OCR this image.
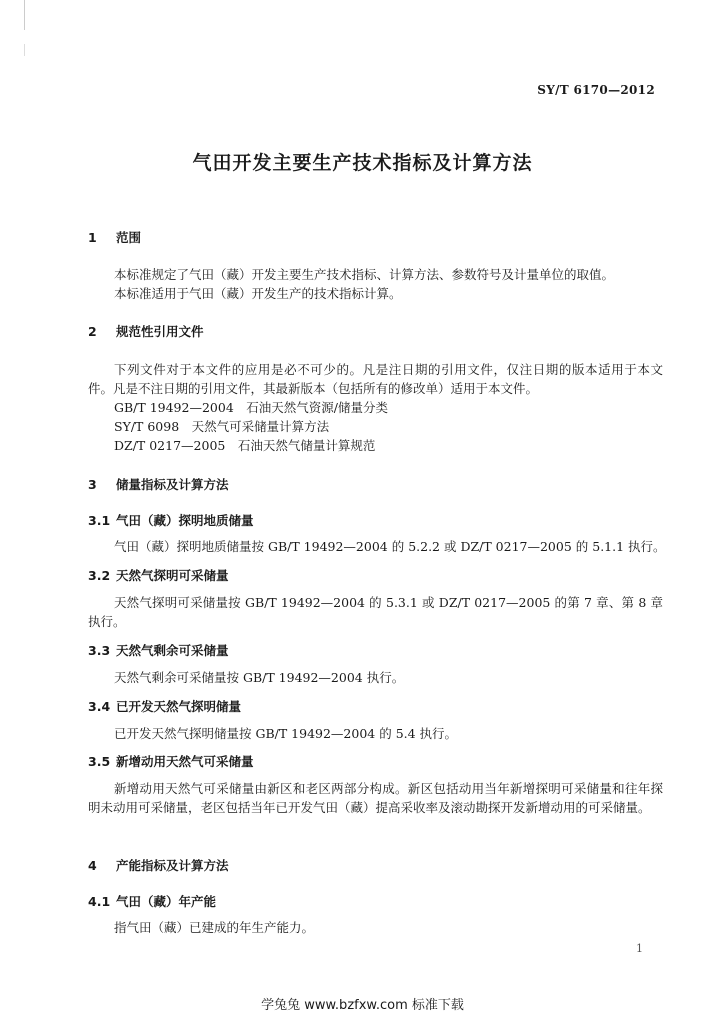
SY/T 6170—2012
气田开发主要生产技术指标及计算方法
1 范围
本标准规定了气田（藏）开发主要生产技术指标、计算方法、参数符号及计量单位的取值。
本标准适用于气田（藏）开发生产的技术指标计算。
2 规范性引用文件
下列文件对于本文件的应用是必不可少的。凡是注日期的引用文件，仅注日期的版本适用于本文件。凡是不注日期的引用文件，其最新版本（包括所有的修改单）适用于本文件。
GB/T 19492—2004　石油天然气资源/储量分类
SY/T 6098　天然气可采储量计算方法
DZ/T 0217—2005　石油天然气储量计算规范
3 储量指标及计算方法
3.1 气田（藏）探明地质储量
气田（藏）探明地质储量按 GB/T 19492—2004 的 5.2.2 或 DZ/T 0217—2005 的 5.1.1 执行。
3.2 天然气探明可采储量
天然气探明可采储量按 GB/T 19492—2004 的 5.3.1 或 DZ/T 0217—2005 的第 7 章、第 8 章执行。
3.3 天然气剩余可采储量
天然气剩余可采储量按 GB/T 19492—2004 执行。
3.4 已开发天然气探明储量
已开发天然气探明储量按 GB/T 19492—2004 的 5.4 执行。
3.5 新增动用天然气可采储量
新增动用天然气可采储量由新区和老区两部分构成。新区包括动用当年新增探明可采储量和往年探明未动用可采储量，老区包括当年已开发气田（藏）提高采收率及滚动勘探开发新增动用的可采储量。
4 产能指标及计算方法
4.1 气田（藏）年产能
指气田（藏）已建成的年生产能力。
1
学兔兔 www.bzfxw.com 标准下载
